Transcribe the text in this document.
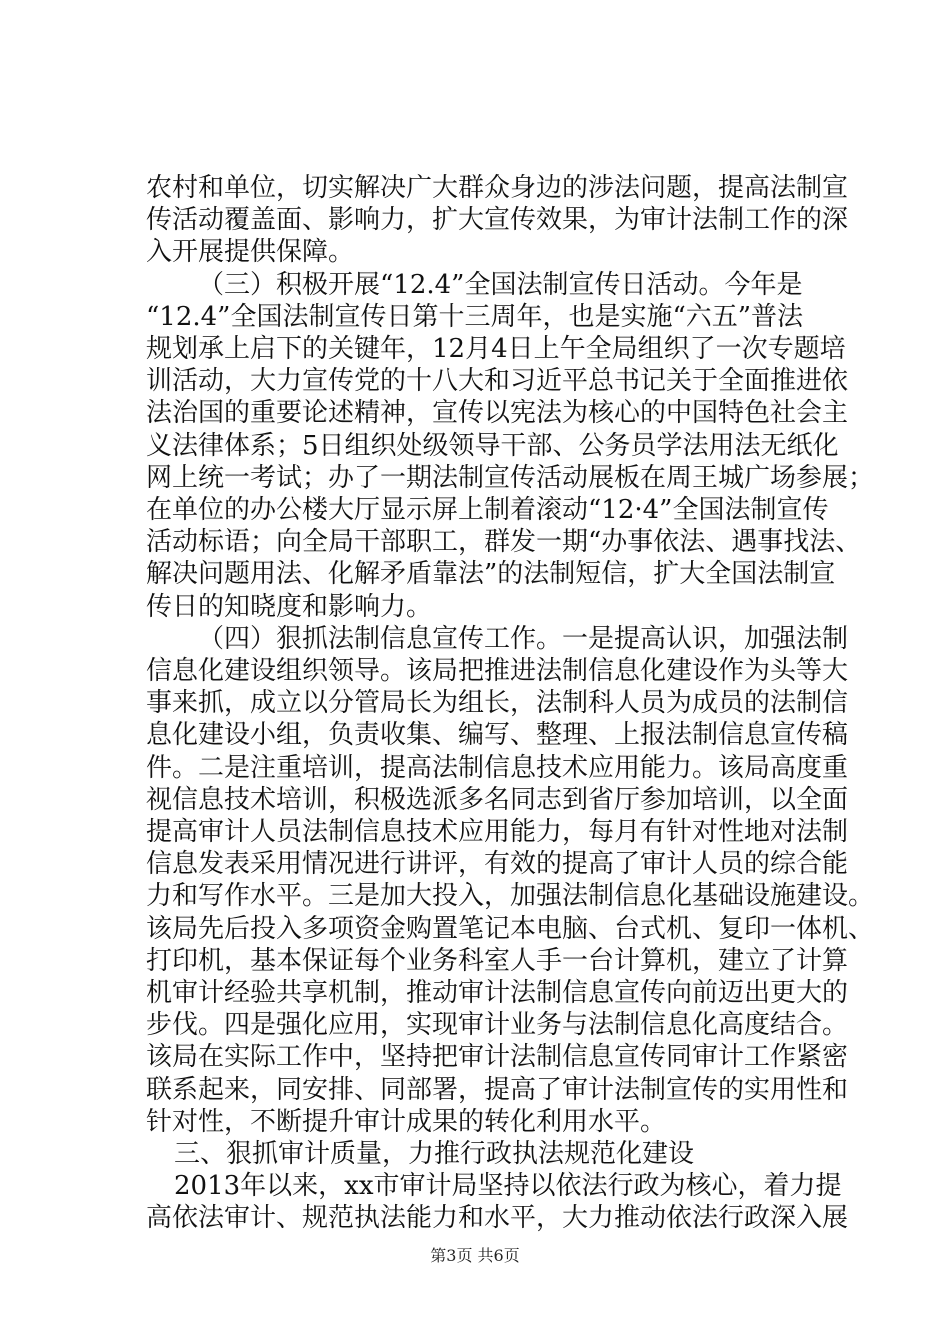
农村和单位，切实解决广大群众身边的涉法问题，提高法制宣
传活动覆盖面、影响力，扩大宣传效果，为审计法制工作的深
入开展提供保障。
（三）积极开展“12.4”全国法制宣传日活动。今年是
“12.4”全国法制宣传日第十三周年，也是实施“六五”普法
规划承上启下的关键年，12月4日上午全局组织了一次专题培
训活动，大力宣传党的十八大和习近平总书记关于全面推进依
法治国的重要论述精神，宣传以宪法为核心的中国特色社会主
义法律体系；5日组织处级领导干部、公务员学法用法无纸化
网上统一考试；办了一期法制宣传活动展板在周王城广场参展；
在单位的办公楼大厅显示屏上制着滚动“12·4”全国法制宣传
活动标语；向全局干部职工，群发一期“办事依法、遇事找法、
解决问题用法、化解矛盾靠法”的法制短信，扩大全国法制宣
传日的知晓度和影响力。
（四）狠抓法制信息宣传工作。一是提高认识，加强法制
信息化建设组织领导。该局把推进法制信息化建设作为头等大
事来抓，成立以分管局长为组长，法制科人员为成员的法制信
息化建设小组，负责收集、编写、整理、上报法制信息宣传稿
件。二是注重培训，提高法制信息技术应用能力。该局高度重
视信息技术培训，积极选派多名同志到省厅参加培训，以全面
提高审计人员法制信息技术应用能力，每月有针对性地对法制
信息发表采用情况进行讲评，有效的提高了审计人员的综合能
力和写作水平。三是加大投入，加强法制信息化基础设施建设。
该局先后投入多项资金购置笔记本电脑、台式机、复印一体机、
打印机，基本保证每个业务科室人手一台计算机，建立了计算
机审计经验共享机制，推动审计法制信息宣传向前迈出更大的
步伐。四是强化应用，实现审计业务与法制信息化高度结合。
该局在实际工作中，坚持把审计法制信息宣传同审计工作紧密
联系起来，同安排、同部署，提高了审计法制宣传的实用性和
针对性，不断提升审计成果的转化利用水平。
三、狠抓审计质量，力推行政执法规范化建设
2013年以来，xx市审计局坚持以依法行政为核心，着力提
高依法审计、规范执法能力和水平，大力推动依法行政深入展
第3页 共6页
